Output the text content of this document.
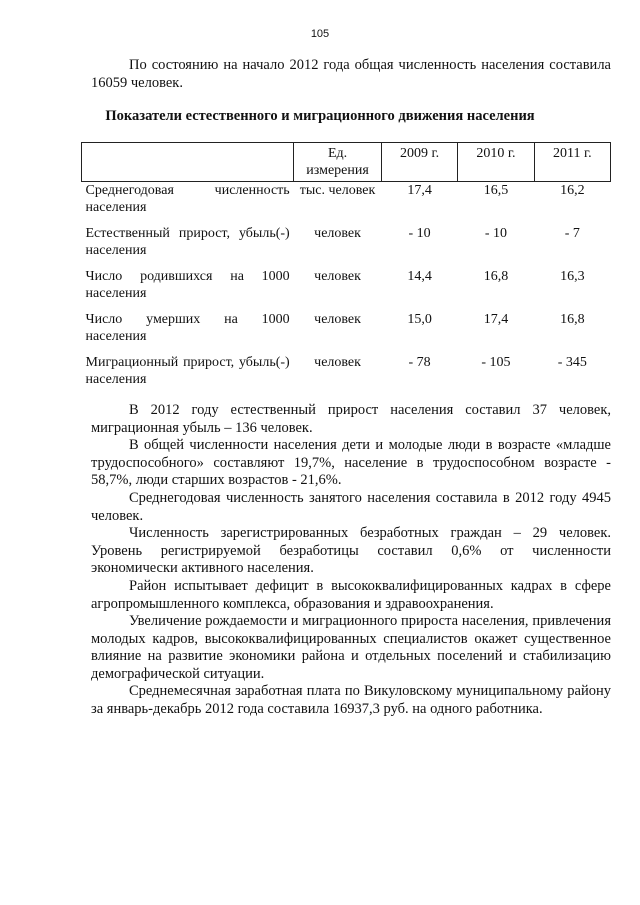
105
По состоянию на начало 2012 года общая численность населения составила 16059 человек.
Показатели естественного и миграционного движения населения
	Ед. измерения	2009 г.	2010 г.	2011 г.
Среднегодовая численность населения	тыс. человек	17,4	16,5	16,2
Естественный прирост, убыль(-) населения	человек	- 10	- 10	- 7
Число родившихся на 1000 населения	человек	14,4	16,8	16,3
Число умерших на 1000 населения	человек	15,0	17,4	16,8
Миграционный прирост, убыль(-) населения	человек	- 78	- 105	- 345
В 2012 году естественный прирост населения составил 37 человек, миграционная убыль – 136 человек.
В общей численности населения дети и молодые люди в возрасте «младше трудоспособного» составляют 19,7%, население в трудоспособном возрасте - 58,7%, люди старших возрастов - 21,6%.
Среднегодовая численность занятого населения составила в 2012 году 4945 человек.
Численность зарегистрированных безработных граждан – 29 человек. Уровень регистрируемой безработицы составил 0,6% от численности экономически активного населения.
Район испытывает дефицит в высококвалифицированных кадрах в сфере агропромышленного комплекса, образования и здравоохранения.
Увеличение рождаемости и миграционного прироста населения, привлечения молодых кадров, высококвалифицированных специалистов окажет существенное влияние на развитие экономики района и отдельных поселений и стабилизацию демографической ситуации.
Среднемесячная заработная плата по Викуловскому муниципальному району за январь-декабрь 2012 года составила 16937,3 руб. на одного работника.
